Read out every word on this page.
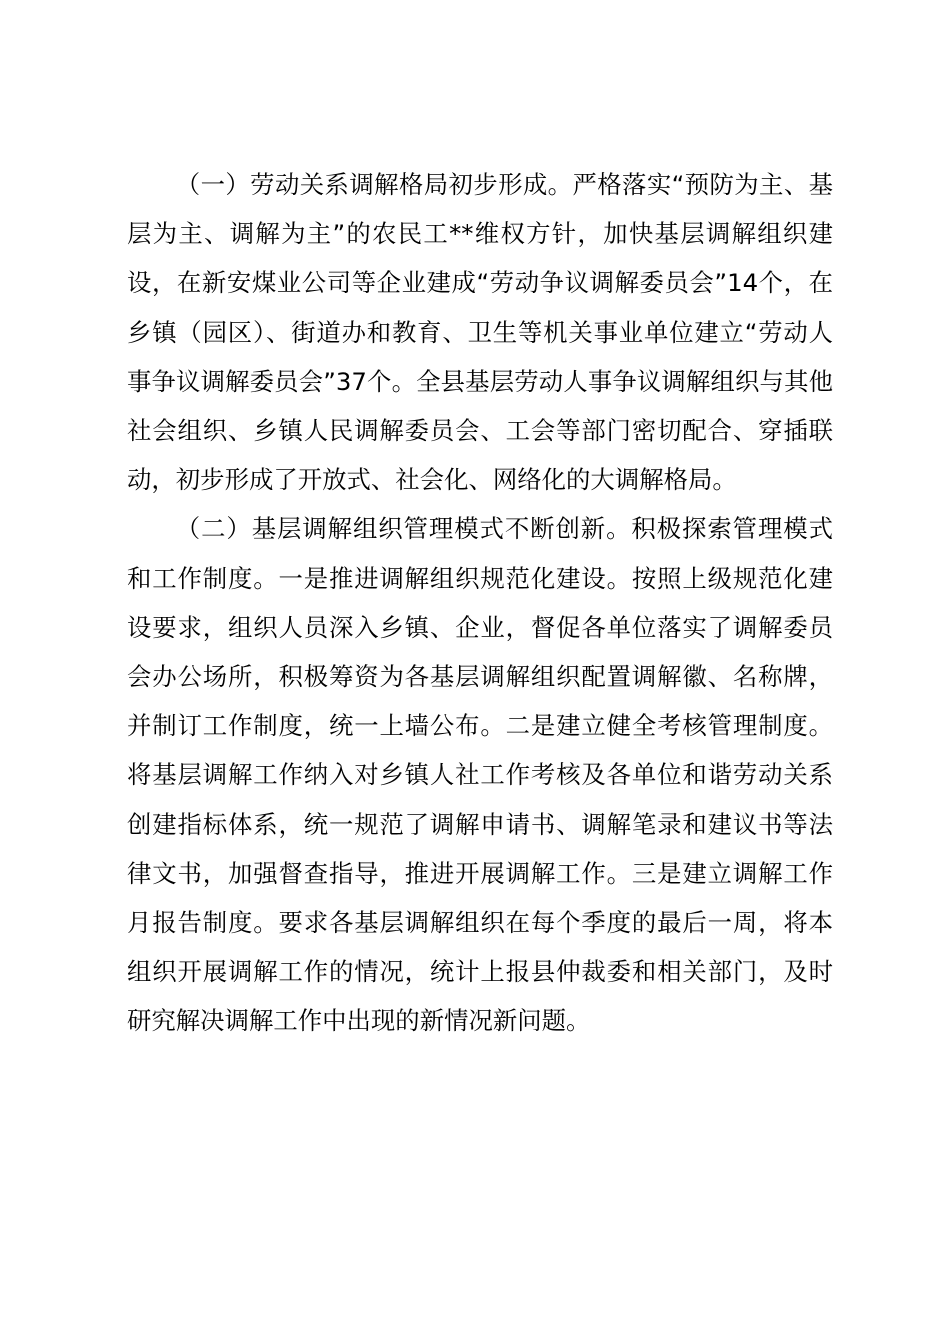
（一）劳动关系调解格局初步形成。严格落实“预防为主、基层为主、调解为主”的农民工**维权方针，加快基层调解组织建设，在新安煤业公司等企业建成“劳动争议调解委员会”14个，在乡镇（园区）、街道办和教育、卫生等机关事业单位建立“劳动人事争议调解委员会”37个。全县基层劳动人事争议调解组织与其他社会组织、乡镇人民调解委员会、工会等部门密切配合、穿插联动，初步形成了开放式、社会化、网络化的大调解格局。

（二）基层调解组织管理模式不断创新。积极探索管理模式和工作制度。一是推进调解组织规范化建设。按照上级规范化建设要求，组织人员深入乡镇、企业，督促各单位落实了调解委员会办公场所，积极筹资为各基层调解组织配置调解徽、名称牌，并制订工作制度，统一上墙公布。二是建立健全考核管理制度。将基层调解工作纳入对乡镇人社工作考核及各单位和谐劳动关系创建指标体系，统一规范了调解申请书、调解笔录和建议书等法律文书，加强督查指导，推进开展调解工作。三是建立调解工作月报告制度。要求各基层调解组织在每个季度的最后一周，将本组织开展调解工作的情况，统计上报县仲裁委和相关部门，及时研究解决调解工作中出现的新情况新问题。
